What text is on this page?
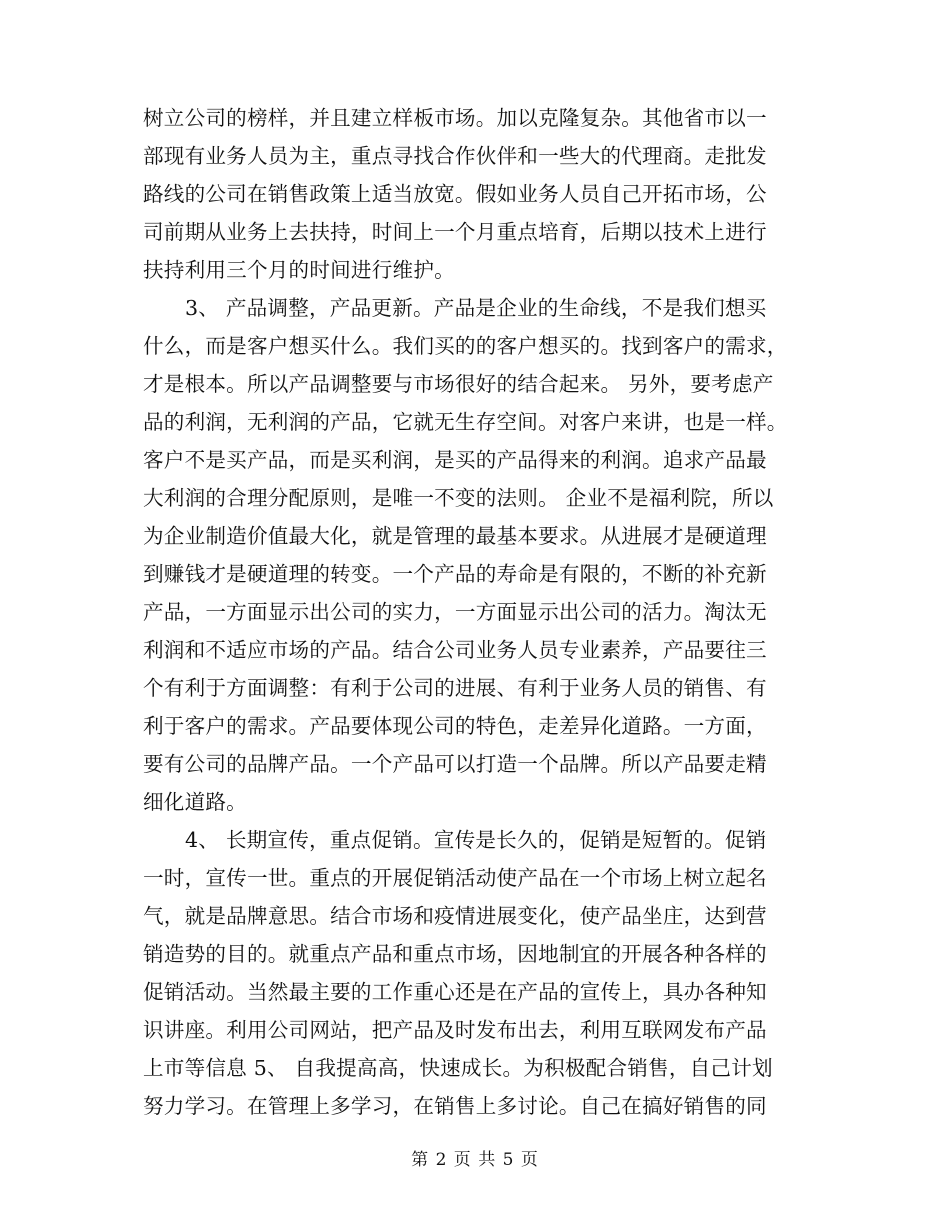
树立公司的榜样，并且建立样板市场。加以克隆复杂。其他省市以一
部现有业务人员为主，重点寻找合作伙伴和一些大的代理商。走批发
路线的公司在销售政策上适当放宽。假如业务人员自己开拓市场，公
司前期从业务上去扶持，时间上一个月重点培育，后期以技术上进行
扶持利用三个月的时间进行维护。
3、 产品调整，产品更新。产品是企业的生命线，不是我们想买
什么，而是客户想买什么。我们买的的客户想买的。找到客户的需求，
才是根本。所以产品调整要与市场很好的结合起来。 另外，要考虑产
品的利润，无利润的产品，它就无生存空间。对客户来讲，也是一样。
客户不是买产品，而是买利润，是买的产品得来的利润。追求产品最
大利润的合理分配原则，是唯一不变的法则。 企业不是福利院，所以
为企业制造价值最大化，就是管理的最基本要求。从进展才是硬道理
到赚钱才是硬道理的转变。一个产品的寿命是有限的，不断的补充新
产品，一方面显示出公司的实力，一方面显示出公司的活力。淘汰无
利润和不适应市场的产品。结合公司业务人员专业素养，产品要往三
个有利于方面调整：有利于公司的进展、有利于业务人员的销售、有
利于客户的需求。产品要体现公司的特色，走差异化道路。一方面，
要有公司的品牌产品。一个产品可以打造一个品牌。所以产品要走精
细化道路。
4、 长期宣传，重点促销。宣传是长久的，促销是短暂的。促销
一时，宣传一世。重点的开展促销活动使产品在一个市场上树立起名
气，就是品牌意思。结合市场和疫情进展变化，使产品坐庄，达到营
销造势的目的。就重点产品和重点市场，因地制宜的开展各种各样的
促销活动。当然最主要的工作重心还是在产品的宣传上，具办各种知
识讲座。利用公司网站，把产品及时发布出去，利用互联网发布产品
上市等信息 5、 自我提高高，快速成长。为积极配合销售，自己计划
努力学习。在管理上多学习，在销售上多讨论。自己在搞好销售的同
第 2 页 共 5 页
